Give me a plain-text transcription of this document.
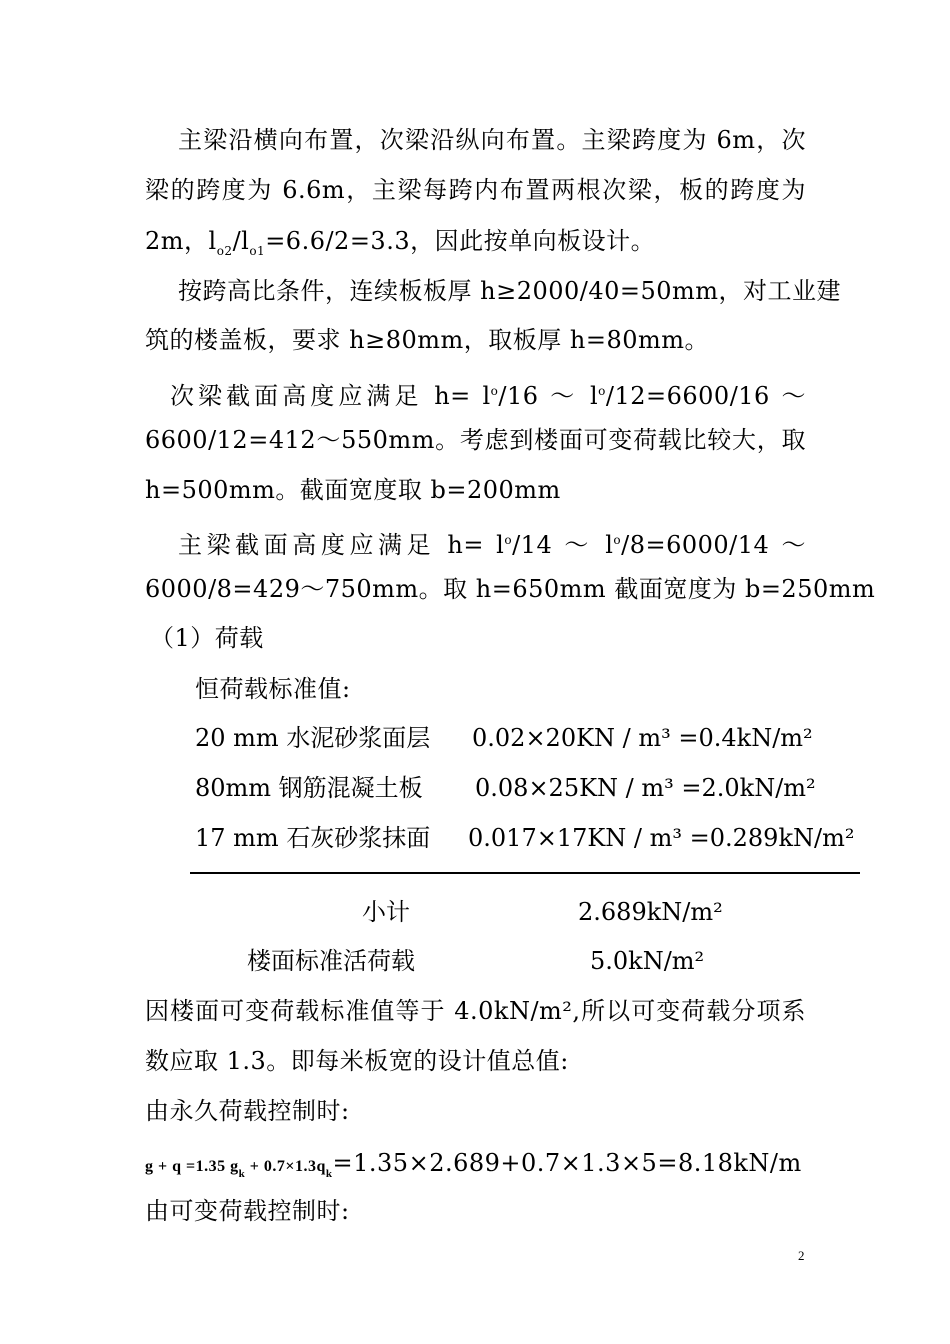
主梁沿横向布置，次梁沿纵向布置。主梁跨度为 6m，次
梁的跨度为 6.6m，主梁每跨内布置两根次梁，板的跨度为
2m，$l_{o2}/l_{o1}=6.6/2=3.3$，因此按单向板设计。
按跨高比条件，连续板板厚 h≥2000/40=50mm，对工业建
筑的楼盖板，要求 h≥80mm，取板厚 h=80mm。
次梁截面高度应满足 $h= l^o/16$ ～ $l^o/12=6600/16$ ～
6600/12=412～550mm。考虑到楼面可变荷载比较大，取
h=500mm。截面宽度取 b=200mm
主梁截面高度应满足 $h= l^o/14$ ～ $l^o/8=6000/14$ ～
6000/8=429～750mm。取 h=650mm 截面宽度为 b=250mm
（1）荷载
恒荷载标准值:
20 mm 水泥砂浆面层 0.02×20KN / m³ =0.4kN/m²
80mm 钢筋混凝土板 0.08×25KN / m³ =2.0kN/m²
17 mm 石灰砂浆抹面 0.017×17KN / m³ =0.289kN/m²
小计	2.689kN/m²
楼面标准活荷载	5.0kN/m²
因楼面可变荷载标准值等于 4.0kN/m²,所以可变荷载分项系
数应取 1.3。即每米板宽的设计值总值:
由永久荷载控制时:
g + q =1.35 $g_k + 0.7\times 1.3q_k=1.35\times 2.689+0.7\times 1.3\times 5=8.18kN/m$
由可变荷载控制时:
2
